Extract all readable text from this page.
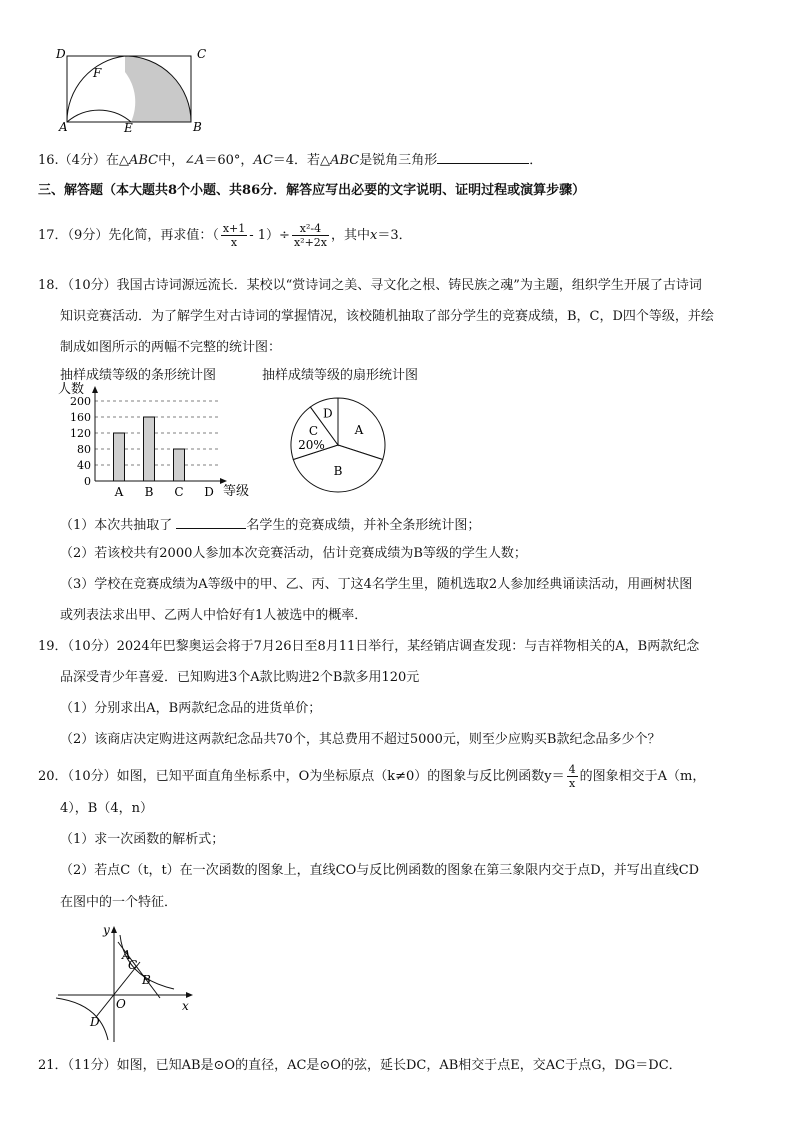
D	C
F
A	E	B
16.（4分）在△ABC中，∠A＝60°，AC＝4．若△ABC是锐角三角形	．
三、解答题（本大题共8个小题、共86分．解答应写出必要的文字说明、证明过程或演算步骤）
17．（9分）先化简，再求值：（ $\frac{x+1}{x} - 1)\div \frac{\text{x²-4}}{\text{x²+2x}}$ ，其中x＝3．
18．（10分）我国古诗词源远流长．某校以“赏诗词之美、寻文化之根、铸民族之魂”为主题，组织学生开展了古诗词
知识竞赛活动．为了解学生对古诗词的掌握情况，该校随机抽取了部分学生的竞赛成绩，B，C，D四个等级，并绘
制成如图所示的两幅不完整的统计图：
抽样成绩等级的条形统计图	抽样成绩等级的扇形统计图
0
40
80
120
160
200
A B C D
人数
等级
A
B
C
20%
D
（1）本次共抽取了	名学生的竞赛成绩，并补全条形统计图；
（2）若该校共有2000人参加本次竞赛活动，估计竞赛成绩为B等级的学生人数；
（3）学校在竞赛成绩为A等级中的甲、乙、丙、丁这4名学生里，随机选取2人参加经典诵读活动，用画树状图
或列表法求出甲、乙两人中恰好有1人被选中的概率．
19．（10分）2024年巴黎奥运会将于7月26日至8月11日举行，某经销店调查发现：与吉祥物相关的A，B两款纪念
品深受青少年喜爱．已知购进3个A款比购进2个B款多用120元
（1）分别求出A，B两款纪念品的进货单价；
（2）该商店决定购进这两款纪念品共70个，其总费用不超过5000元，则至少应购买B款纪念品多少个？
20．（10分）如图，已知平面直角坐标系中，O为坐标原点（k≠0）的图象与反比例函数$y= \frac{4}{x}$ 的图象相交于A（m，
4），B（4，n）
（1）求一次函数的解析式；
（2）若点C（t，t）在一次函数的图象上，直线CO与反比例函数的图象在第三象限内交于点D，并写出直线CD
在图中的一个特征．
y
x
A
C
B
O
D
21．（11分）如图，已知AB是⊙O的直径，AC是⊙O的弦，延长DC，AB相交于点E，交AC于点G，DG＝DC．
